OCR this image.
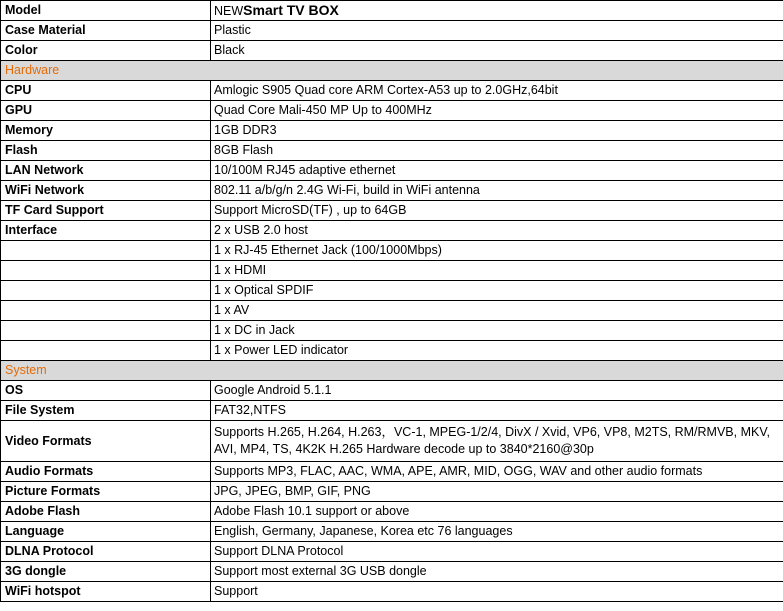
Model	NEWSmart TV BOX
Case Material	Plastic
Color	Black
Hardware	
CPU	Amlogic S905 Quad core ARM Cortex-A53 up to 2.0GHz,64bit
GPU	Quad Core Mali-450 MP Up to 400MHz
Memory	1GB DDR3
Flash	8GB Flash
LAN Network	10/100M RJ45 adaptive ethernet
WiFi Network	802.11 a/b/g/n 2.4G Wi-Fi, build in WiFi antenna
TF Card Support	Support MicroSD(TF) , up to 64GB
Interface	2 x USB 2.0 host
	1 x RJ-45 Ethernet Jack (100/1000Mbps)
	1 x HDMI
	1 x Optical SPDIF
	1 x AV
	1 x DC in Jack
	1 x Power LED indicator
System	
OS	Google Android 5.1.1
File System	FAT32,NTFS
Video Formats	Supports H.265, H.264, H.263，VC-1, MPEG-1/2/4, DivX / Xvid, VP6, VP8, M2TS, RM/RMVB, MKV, AVI, MP4, TS, 4K2K H.265 Hardware decode up to 3840*2160@30p
Audio Formats	Supports MP3, FLAC, AAC, WMA, APE, AMR, MID, OGG, WAV and other audio formats
Picture Formats	JPG, JPEG, BMP, GIF, PNG
Adobe Flash	Adobe Flash 10.1 support or above
Language	English, Germany, Japanese, Korea etc 76 languages
DLNA Protocol	Support DLNA Protocol
3G dongle	Support most external 3G USB dongle
WiFi hotspot	Support
